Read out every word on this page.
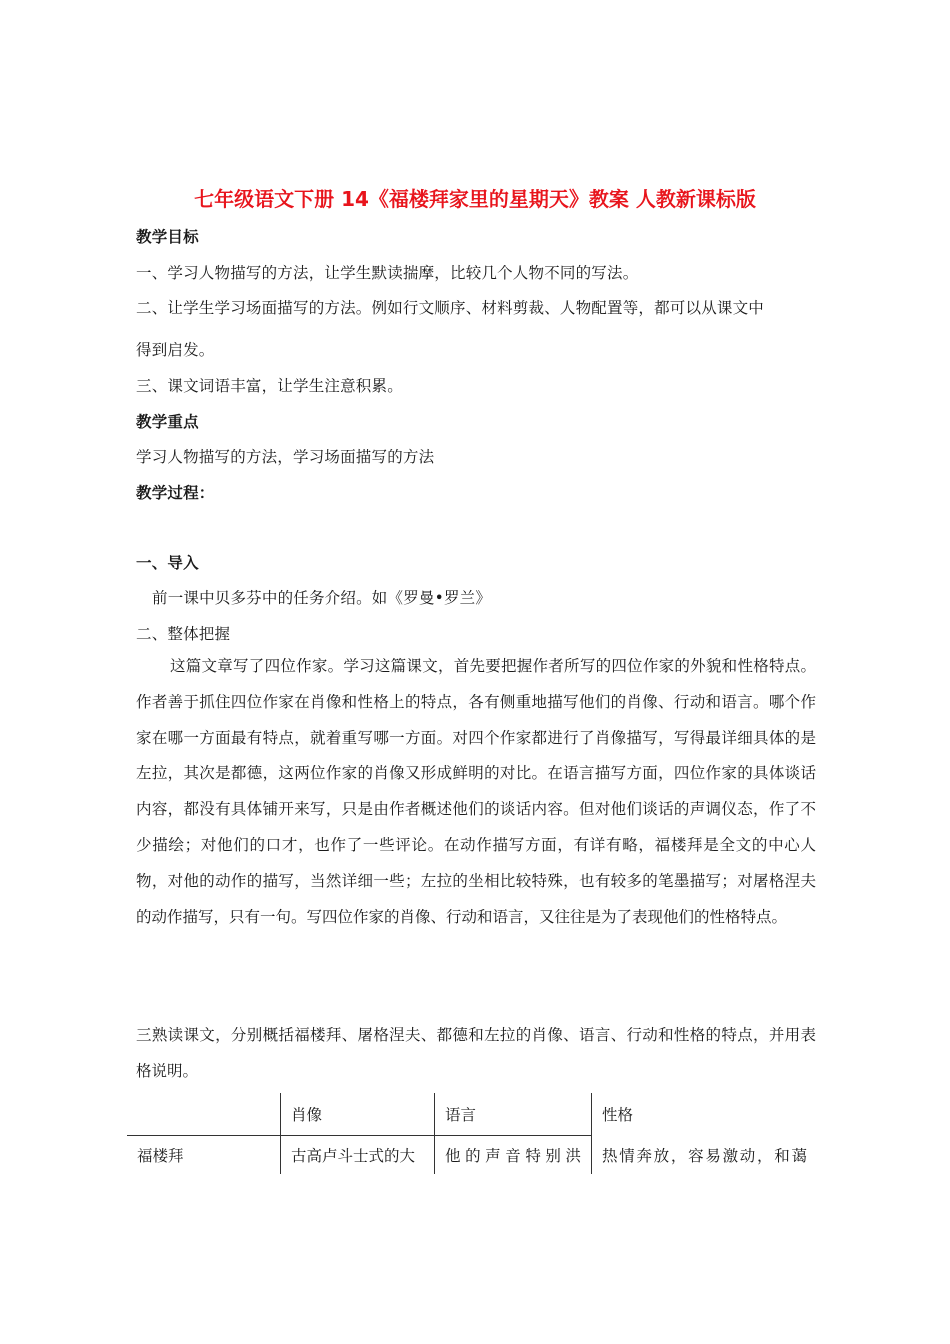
七年级语文下册 14《福楼拜家里的星期天》教案 人教新课标版
教学目标
一、学习人物描写的方法，让学生默读揣摩，比较几个人物不同的写法。
二、让学生学习场面描写的方法。例如行文顺序、材料剪裁、人物配置等，都可以从课文中
得到启发。
三、课文词语丰富，让学生注意积累。
教学重点
学习人物描写的方法，学习场面描写的方法
教学过程：
一、导入
前一课中贝多芬中的任务介绍。如《罗曼•罗兰》
二、整体把握
这篇文章写了四位作家。学习这篇课文，首先要把握作者所写的四位作家的外貌和性格特点。作者善于抓住四位作家在肖像和性格上的特点，各有侧重地描写他们的肖像、行动和语言。哪个作家在哪一方面最有特点，就着重写哪一方面。对四个作家都进行了肖像描写，写得最详细具体的是左拉，其次是都德，这两位作家的肖像又形成鲜明的对比。在语言描写方面，四位作家的具体谈话内容，都没有具体铺开来写，只是由作者概述他们的谈话内容。但对他们谈话的声调仪态，作了不少描绘；对他们的口才，也作了一些评论。在动作描写方面，有详有略，福楼拜是全文的中心人物，对他的动作的描写，当然详细一些；左拉的坐相比较特殊，也有较多的笔墨描写；对屠格涅夫的动作描写，只有一句。写四位作家的肖像、行动和语言，又往往是为了表现他们的性格特点。
三熟读课文，分别概括福楼拜、屠格涅夫、都德和左拉的肖像、语言、行动和性格的特点，并用表格说明。
	肖像	语言	性格
福楼拜	古高卢斗士式的大	他的声音特别洪	热情奔放，容易激动，和蔼
